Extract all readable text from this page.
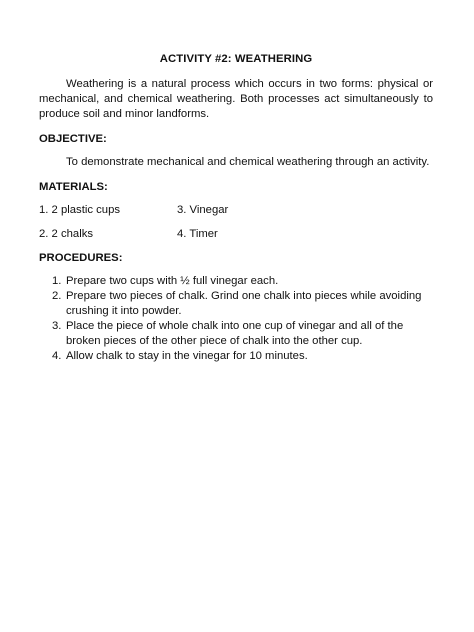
ACTIVITY #2: WEATHERING

Weathering is a natural process which occurs in two forms: physical or mechanical, and chemical weathering. Both processes act simultaneously to produce soil and minor landforms.

OBJECTIVE:

To demonstrate mechanical and chemical weathering through an activity.

MATERIALS:
1. 2 plastic cups	3. Vinegar
2. 2 chalks	4. Timer
PROCEDURES:
1. Prepare two cups with ½ full vinegar each.
2. Prepare two pieces of chalk. Grind one chalk into pieces while avoiding crushing it into powder.
3. Place the piece of whole chalk into one cup of vinegar and all of the broken pieces of the other piece of chalk into the other cup.
4. Allow chalk to stay in the vinegar for 10 minutes.
